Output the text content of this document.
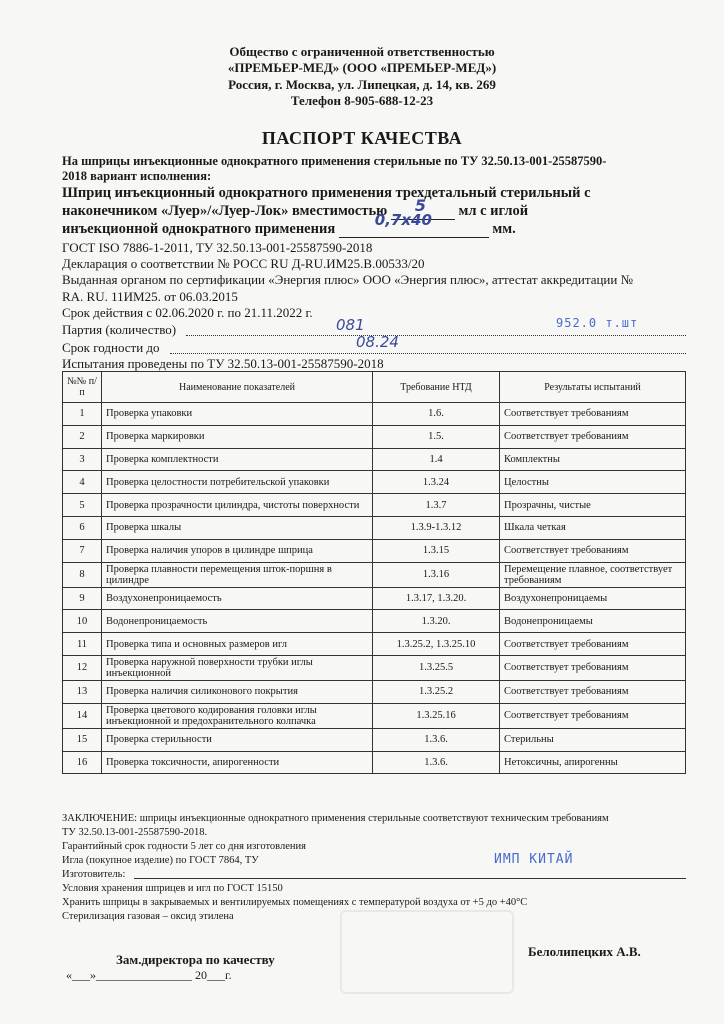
Общество с ограниченной ответственностью
«ПРЕМЬЕР-МЕД» (ООО «ПРЕМЬЕР-МЕД»)
Россия, г. Москва, ул. Липецкая, д. 14, кв. 269
Телефон 8-905-688-12-23
ПАСПОРТ КАЧЕСТВА
На шприцы инъекционные однократного применения стерильные по ТУ 32.50.13-001-25587590-
2018 вариант исполнения:
Шприц инъекционный однократного применения трехдетальный стерильный с
наконечником «Луер»/«Луер-Лок» вместимостью 5 мл с иглой
инъекционной однократного применения	0,7х40	мм.
ГОСТ ISO 7886-1-2011, ТУ 32.50.13-001-25587590-2018
Декларация о соответствии № РОСС RU Д-RU.ИМ25.В.00533/20
Выданная органом по сертификации «Энергия плюс» ООО «Энергия плюс», аттестат аккредитации №
RA. RU. 11ИМ25. от 06.03.2015
Срок действия с 02.06.2020 г. по 21.11.2022 г.
Партия (количество)	081	952.0 т.шт
Срок годности до	08.24
Испытания проведены по ТУ 32.50.13-001-25587590-2018
№№ п/п	Наименование показателей	Требование НТД	Результаты испытаний
1	Проверка упаковки	1.6.	Соответствует требованиям
2	Проверка маркировки	1.5.	Соответствует требованиям
3	Проверка комплектности	1.4	Комплектны
4	Проверка целостности потребительской упаковки	1.3.24	Целостны
5	Проверка прозрачности цилиндра, чистоты поверхности	1.3.7	Прозрачны, чистые
6	Проверка шкалы	1.3.9-1.3.12	Шкала четкая
7	Проверка наличия упоров в цилиндре шприца	1.3.15	Соответствует требованиям
8	Проверка плавности перемещения шток-поршня в цилиндре	1.3.16	Перемещение плавное, соответствует требованиям
9	Воздухонепроницаемость	1.3.17, 1.3.20.	Воздухонепроницаемы
10	Водонепроницаемость	1.3.20.	Водонепроницаемы
11	Проверка типа и основных размеров игл	1.3.25.2, 1.3.25.10	Соответствует требованиям
12	Проверка наружной поверхности трубки иглы инъекционной	1.3.25.5	Соответствует требованиям
13	Проверка наличия силиконового покрытия	1.3.25.2	Соответствует требованиям
14	Проверка цветового кодирования головки иглы инъекционной и предохранительного колпачка	1.3.25.16	Соответствует требованиям
15	Проверка стерильности	1.3.6.	Стерильны
16	Проверка токсичности, апирогенности	1.3.6.	Нетоксичны, апирогенны
ЗАКЛЮЧЕНИЕ: шприцы инъекционные однократного применения стерильные соответствуют техническим требованиям
ТУ 32.50.13-001-25587590-2018.
Гарантийный срок годности 5 лет со дня изготовления
Игла (покупное изделие) по ГОСТ 7864, ТУ
Изготовитель:
ИМП КИТАЙ
Условия хранения шприцев и игл по ГОСТ 15150
Хранить шприцы в закрываемых и вентилируемых помещениях с температурой воздуха от +5 до +40°С
Стерилизация газовая – оксид этилена
Зам.директора по качеству
Белолипецких А.В.
«___»________________ 20___г.
